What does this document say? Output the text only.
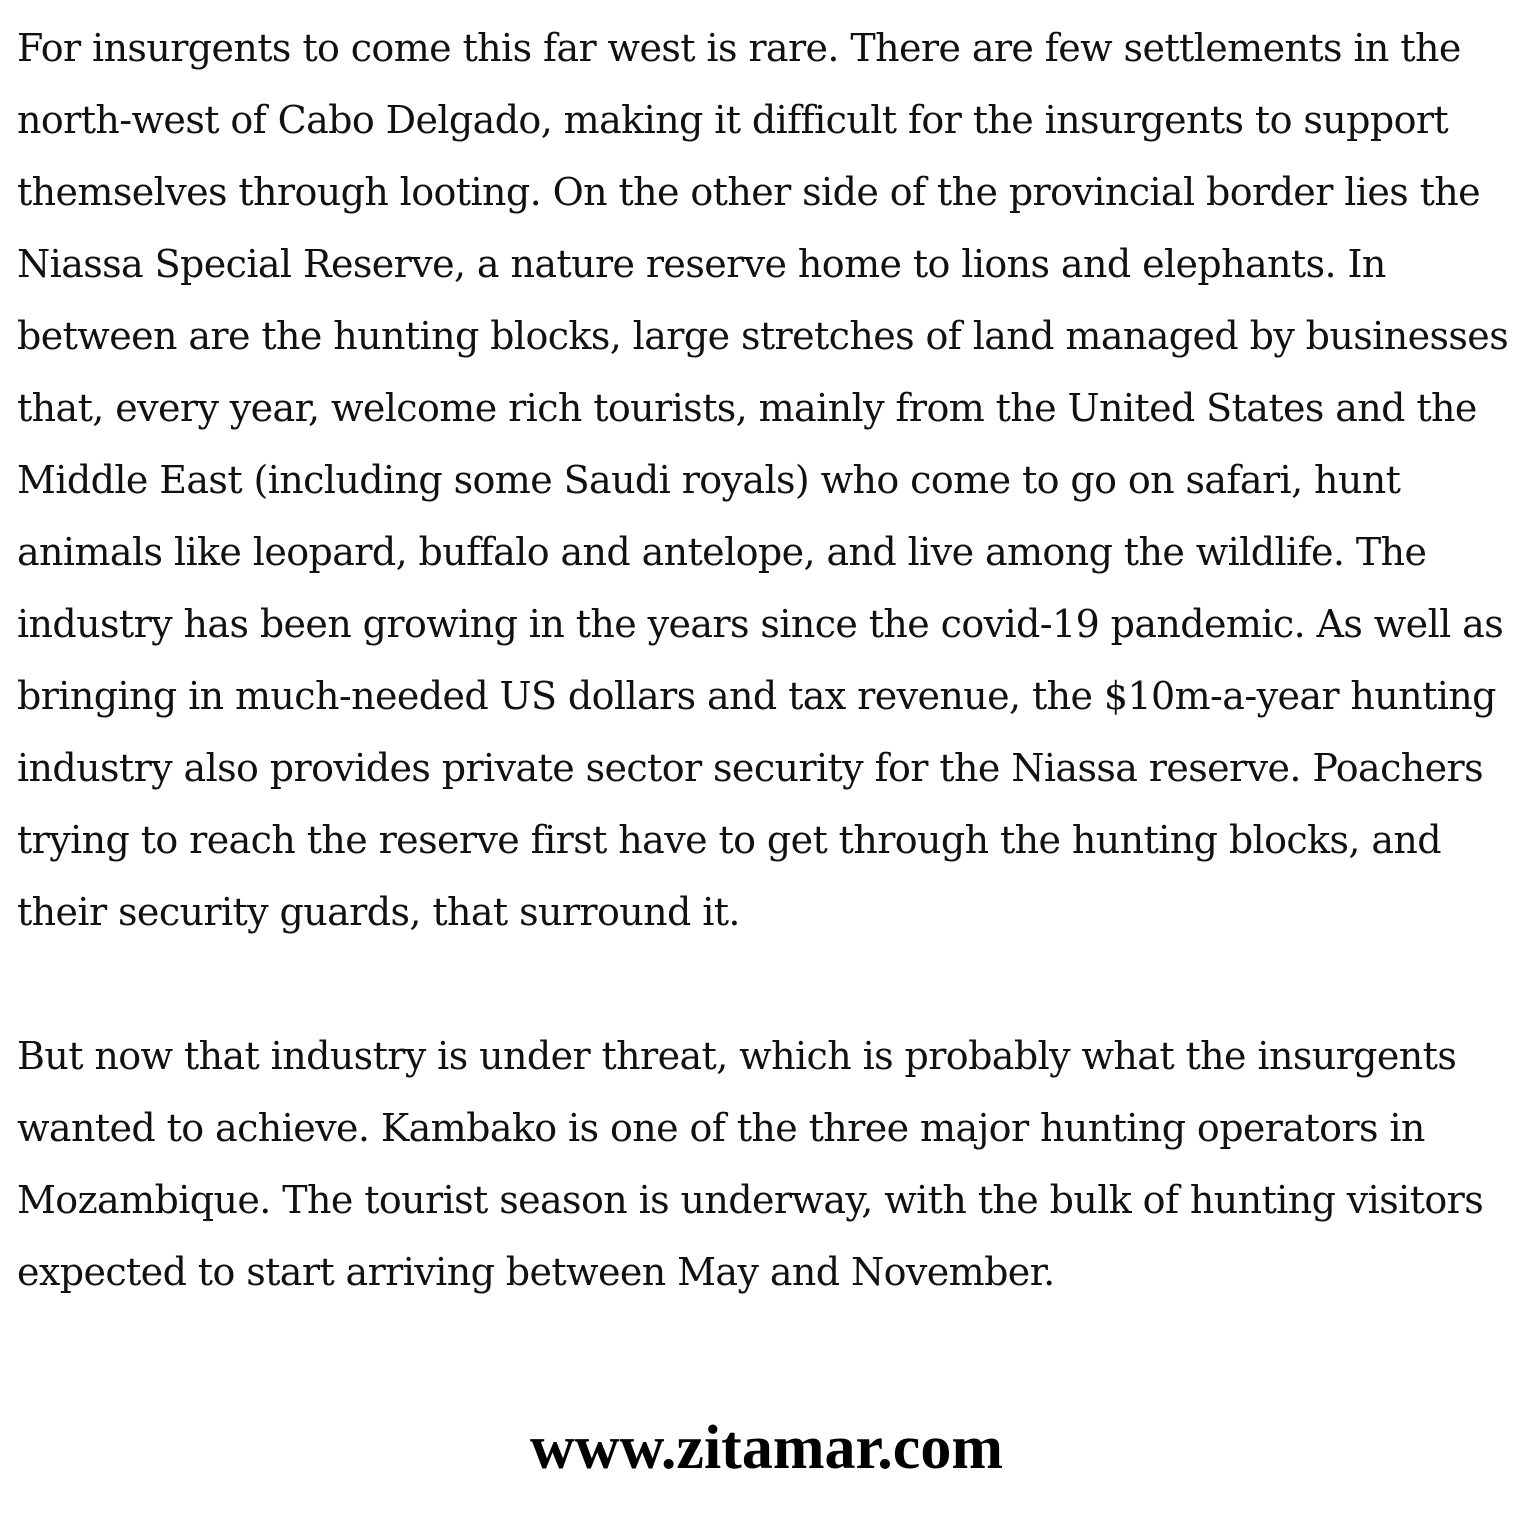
For insurgents to come this far west is rare. There are few settlements in the north-west of Cabo Delgado, making it difficult for the insurgents to support themselves through looting. On the other side of the provincial border lies the Niassa Special Reserve, a nature reserve home to lions and elephants. In between are the hunting blocks, large stretches of land managed by businesses that, every year, welcome rich tourists, mainly from the United States and the Middle East (including some Saudi royals) who come to go on safari, hunt animals like leopard, buffalo and antelope, and live among the wildlife. The industry has been growing in the years since the covid-19 pandemic. As well as bringing in much-needed US dollars and tax revenue, the $10m-a-year hunting industry also provides private sector security for the Niassa reserve. Poachers trying to reach the reserve first have to get through the hunting blocks, and their security guards, that surround it.

But now that industry is under threat, which is probably what the insurgents wanted to achieve. Kambako is one of the three major hunting operators in Mozambique. The tourist season is underway, with the bulk of hunting visitors expected to start arriving between May and November.

www.zitamar.com
